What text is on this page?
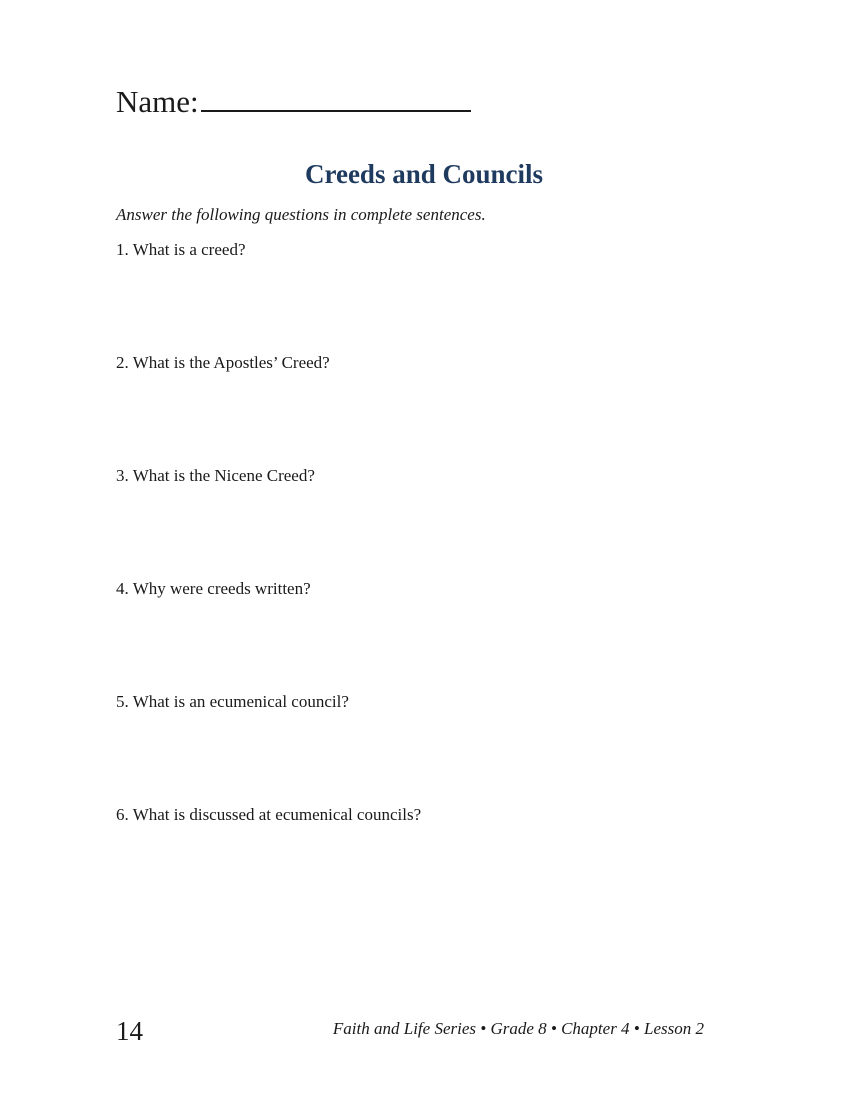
Name:
Creeds and Councils
Answer the following questions in complete sentences.
1. What is a creed?
2. What is the Apostles’ Creed?
3. What is the Nicene Creed?
4. Why were creeds written?
5. What is an ecumenical council?
6. What is discussed at ecumenical councils?
14	Faith and Life Series • Grade 8 • Chapter 4 • Lesson 2
